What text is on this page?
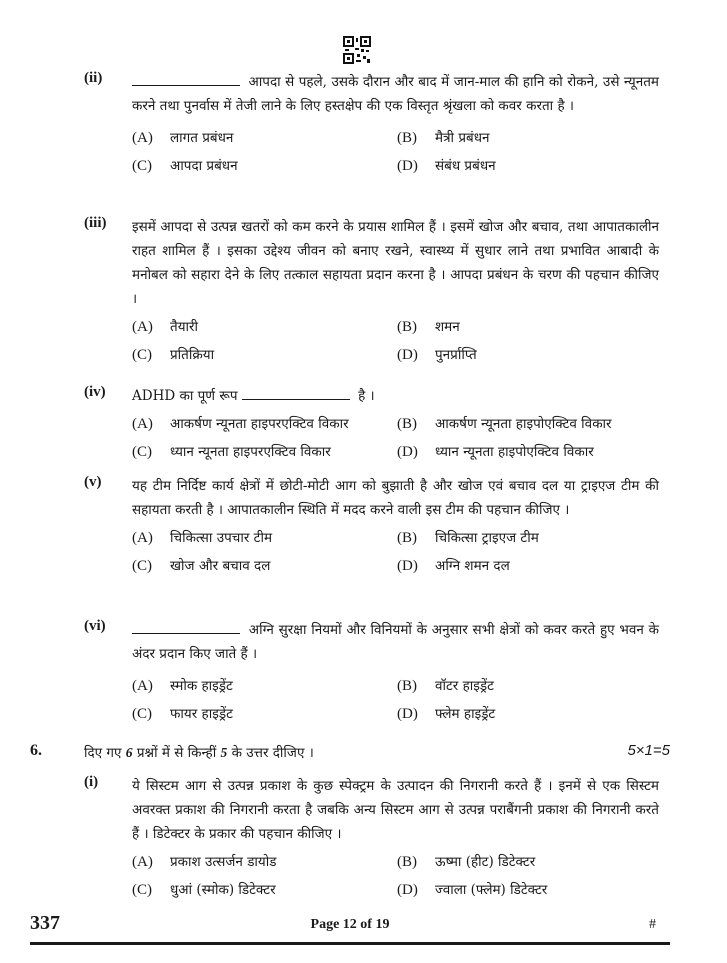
(ii)	आपदा से पहले, उसके दौरान और बाद में जान-माल की हानि को रोकने, उसे न्यूनतम करने तथा पुनर्वास में तेजी लाने के लिए हस्तक्षेप की एक विस्तृत श्रृंखला को कवर करता है ।
(A) लागत प्रबंधन	(B) मैत्री प्रबंधन
(C) आपदा प्रबंधन	(D) संबंध प्रबंधन
(iii) इसमें आपदा से उत्पन्न खतरों को कम करने के प्रयास शामिल हैं । इसमें खोज और बचाव, तथा आपातकालीन राहत शामिल हैं । इसका उद्देश्य जीवन को बनाए रखने, स्वास्थ्य में सुधार लाने तथा प्रभावित आबादी के मनोबल को सहारा देने के लिए तत्काल सहायता प्रदान करना है । आपदा प्रबंधन के चरण की पहचान कीजिए ।
(A) तैयारी	(B) शमन
(C) प्रतिक्रिया	(D) पुनर्प्राप्ति
(iv) ADHD का पूर्ण रूप	है ।
(A) आकर्षण न्यूनता हाइपरएक्टिव विकार	(B) आकर्षण न्यूनता हाइपोएक्टिव विकार
(C) ध्यान न्यूनता हाइपरएक्टिव विकार	(D) ध्यान न्यूनता हाइपोएक्टिव विकार
(v) यह टीम निर्दिष्ट कार्य क्षेत्रों में छोटी-मोटी आग को बुझाती है और खोज एवं बचाव दल या ट्राइएज टीम की सहायता करती है । आपातकालीन स्थिति में मदद करने वाली इस टीम की पहचान कीजिए ।
(A) चिकित्सा उपचार टीम	(B) चिकित्सा ट्राइएज टीम
(C) खोज और बचाव दल	(D) अग्नि शमन दल
(vi)	अग्नि सुरक्षा नियमों और विनियमों के अनुसार सभी क्षेत्रों को कवर करते हुए भवन के अंदर प्रदान किए जाते हैं ।
(A) स्मोक हाइड्रेंट	(B) वॉटर हाइड्रेंट
(C) फायर हाइड्रेंट	(D) फ्लेम हाइड्रेंट
6.	दिए गए 6 प्रश्नों में से किन्हीं 5 के उत्तर दीजिए ।	5×1=5
(i)	ये सिस्टम आग से उत्पन्न प्रकाश के कुछ स्पेक्ट्रम के उत्पादन की निगरानी करते हैं । इनमें से एक सिस्टम अवरक्त प्रकाश की निगरानी करता है जबकि अन्य सिस्टम आग से उत्पन्न पराबैंगनी प्रकाश की निगरानी करते हैं । डिटेक्टर के प्रकार की पहचान कीजिए ।
(A) प्रकाश उत्सर्जन डायोड	(B) ऊष्मा (हीट) डिटेक्टर
(C) धुआं (स्मोक) डिटेक्टर	(D) ज्वाला (फ्लेम) डिटेक्टर
337	Page 12 of 19	#
